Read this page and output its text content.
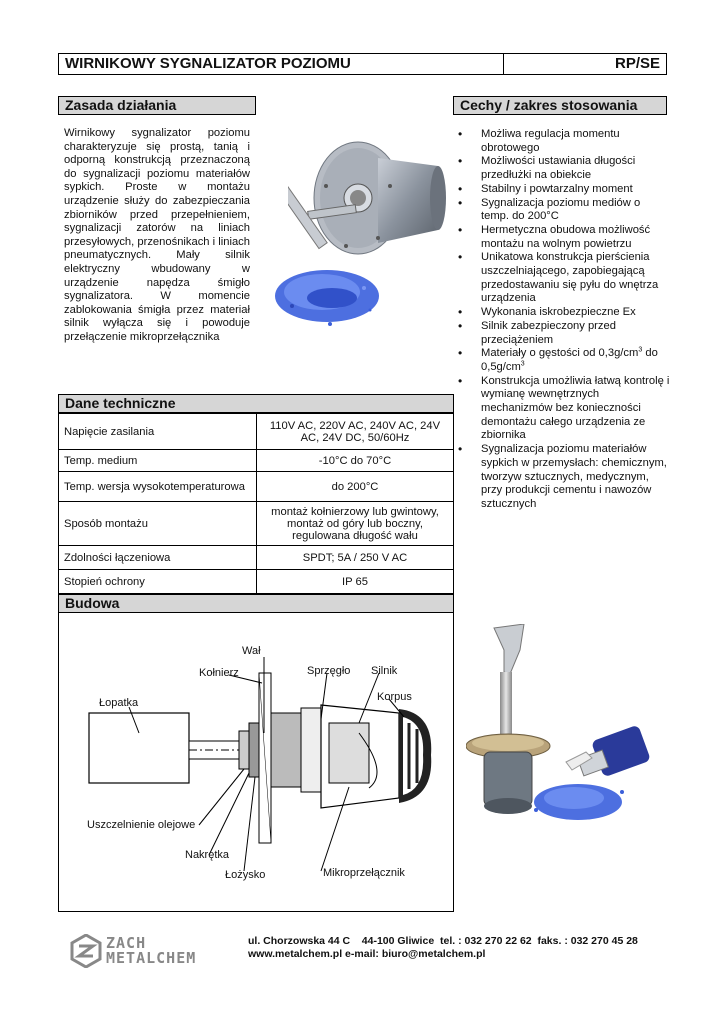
WIRNIKOWY SYGNALIZATOR POZIOMU	RP/SE
Zasada działania	Cechy / zakres stosowania
Wirnikowy sygnalizator poziomu charakteryzuje się prostą, tanią i odporną konstrukcją przeznaczoną do sygnalizacji poziomu materiałów sypkich. Proste w montażu urządzenie służy do zabezpieczania zbiorników przed przepełnieniem, sygnalizacji zatorów na liniach przesyłowych, przenośnikach i liniach pneumatycznych. Mały silnik elektryczny wbudowany w urządzenie napędza śmigło sygnalizatora. W momencie zablokowania śmigła przez materiał silnik wyłącza się i powoduje przełączenie mikroprzełącznika
• Możliwa regulacja momentu obrotowego
• Możliwości ustawiania długości przedłużki na obiekcie
• Stabilny i powtarzalny moment
• Sygnalizacja poziomu mediów o temp. do 200°C
• Hermetyczna obudowa możliwość montażu na wolnym powietrzu
• Unikatowa konstrukcja pierścienia uszczelniającego, zapobiegającą przedostawaniu się pyłu do wnętrza urządzenia
• Wykonania iskrobezpieczne Ex
• Silnik zabezpieczony przed przeciążeniem
• Materiały o gęstości od $0,3g/cm^3$ do $0,5g/cm^3$
• Konstrukcja umożliwia łatwą kontrolę i wymianę wewnętrznych mechanizmów bez konieczności demontażu całego urządzenia ze zbiornika
• Sygnalizacja poziomu materiałów sypkich w przemysłach: chemicznym, tworzyw sztucznych, medycznym, przy produkcji cementu i nawozów sztucznych
Dane techniczne
Napięcie zasilania	110V AC, 220V AC, 240V AC, 24V AC, 24V DC, 50/60Hz
Temp. medium	-10°C do 70°C
Temp. wersja wysokotemperaturowa	do 200°C
Sposób montażu	montaż kołnierzowy lub gwintowy, montaż od góry lub boczny, regulowana długość wału
Zdolności łączeniowa	SPDT; 5A / 250 V AC
Stopień ochrony	IP 65
Budowa
Wał
Kołnierz	Sprzęgło Silnik
Korpus
Łopatka
Uszczelnienie olejowe
Nakrętka
Łożysko	Mikroprzełącznik
ZACH
METALCHEM
ul. Chorzowska 44 C    44-100 Gliwice  tel. : 032 270 22 62  faks. : 032 270 45 28
www.metalchem.pl e-mail: biuro@metalchem.pl
